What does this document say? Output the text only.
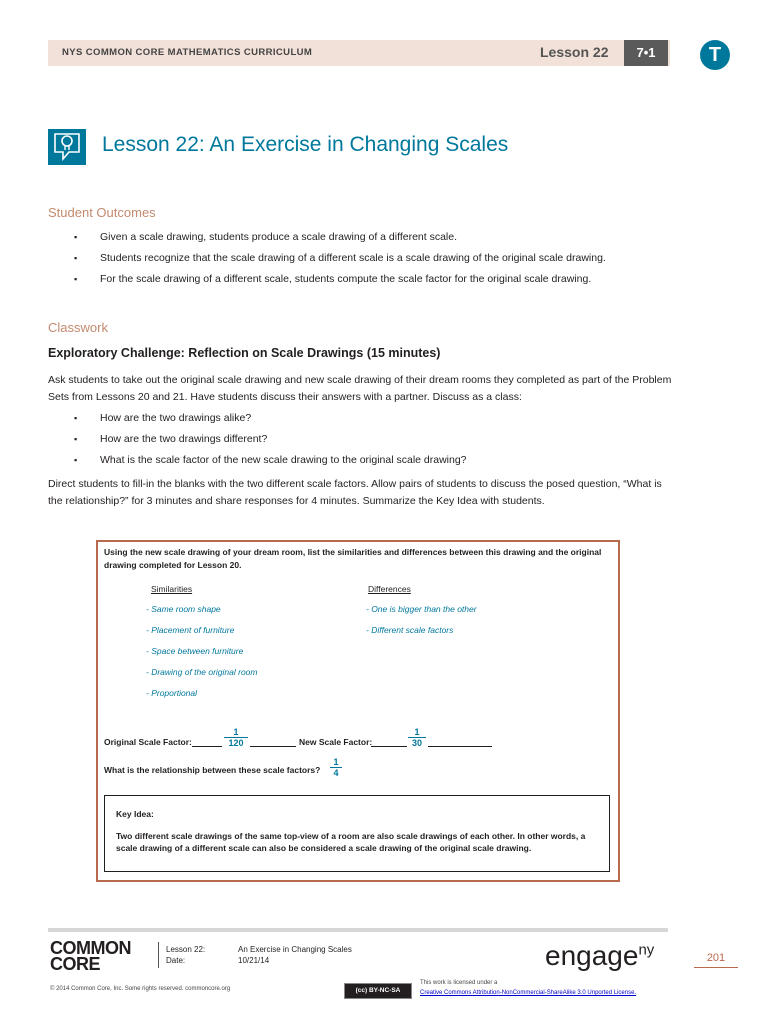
NYS COMMON CORE MATHEMATICS CURRICULUM	Lesson 22	7•1	T
Lesson 22: An Exercise in Changing Scales
Student Outcomes
▪ Given a scale drawing, students produce a scale drawing of a different scale.
▪ Students recognize that the scale drawing of a different scale is a scale drawing of the original scale drawing.
▪ For the scale drawing of a different scale, students compute the scale factor for the original scale drawing.
Classwork
Exploratory Challenge: Reflection on Scale Drawings (15 minutes)
Ask students to take out the original scale drawing and new scale drawing of their dream rooms they completed as part of the Problem Sets from Lessons 20 and 21. Have students discuss their answers with a partner. Discuss as a class:
▪ How are the two drawings alike?
▪ How are the two drawings different?
▪ What is the scale factor of the new scale drawing to the original scale drawing?
Direct students to fill-in the blanks with the two different scale factors. Allow pairs of students to discuss the posed question, “What is the relationship?” for 3 minutes and share responses for 4 minutes. Summarize the Key Idea with students.
Using the new scale drawing of your dream room, list the similarities and differences between this drawing and the original drawing completed for Lesson 20.
Similarities	Differences
- Same room shape
- Placement of furniture
- Space between furniture
- Drawing of the original room
- Proportional
- One is bigger than the other
- Different scale factors
Original Scale Factor:	$\frac{1}{120}$	New Scale Factor:	$\frac{1}{30}$
What is the relationship between these scale factors? $\frac{1}{4}$
Key Idea:
Two different scale drawings of the same top-view of a room are also scale drawings of each other. In other words, a scale drawing of a different scale can also be considered a scale drawing of the original scale drawing.
COMMON
CORE
Lesson 22:
Date:
An Exercise in Changing Scales
10/21/14	engage$^{ny}$	201
© 2014 Common Core, Inc. Some rights reserved. commoncore.org	(cc) BY-NC-SA
This work is licensed under a
Creative Commons Attribution-NonCommercial-ShareAlike 3.0 Unported License.
